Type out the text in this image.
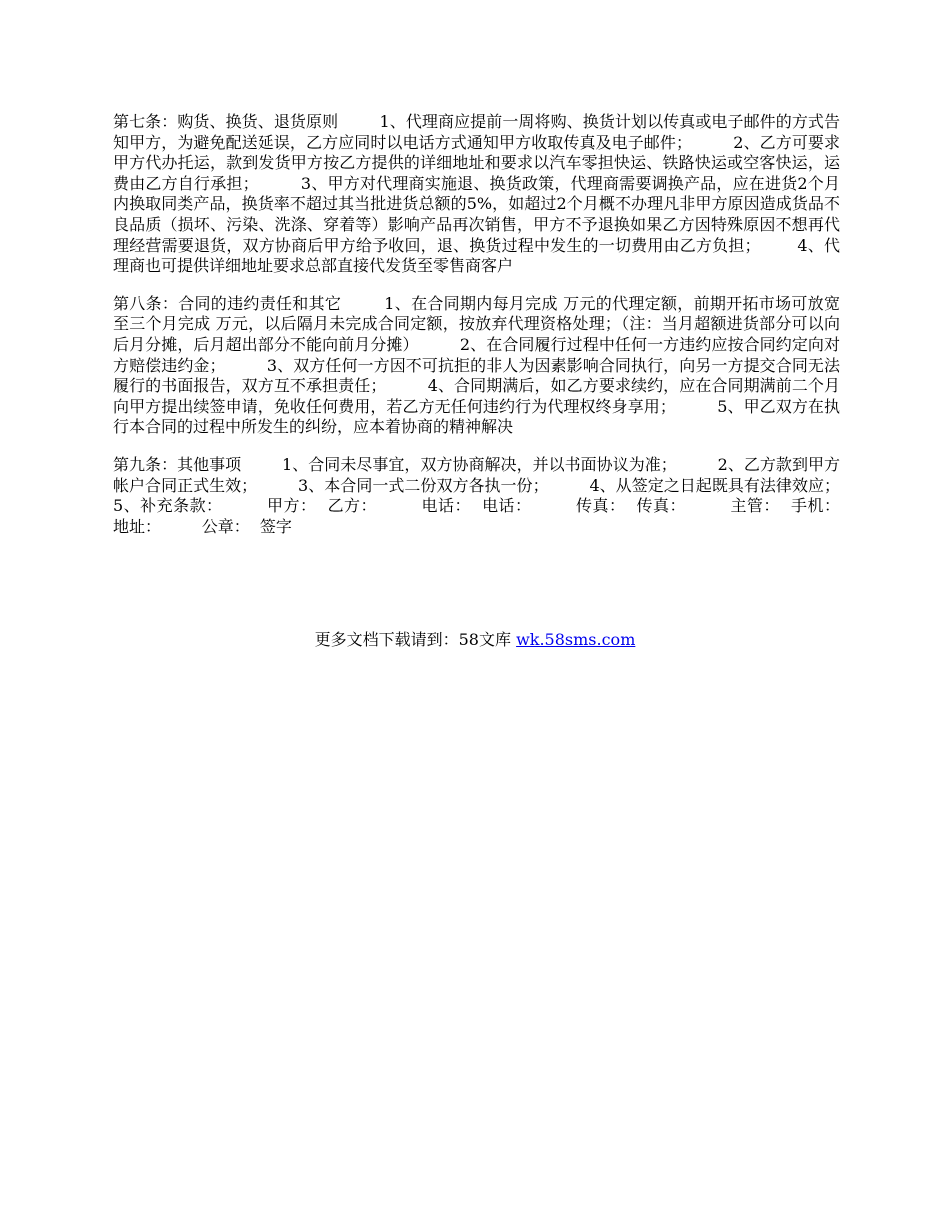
第七条：购货、换货、退货原则        1、代理商应提前一周将购、换货计划以传真或电子邮件的方式告知甲方，为避免配送延误，乙方应同时以电话方式通知甲方收取传真及电子邮件；        2、乙方可要求甲方代办托运，款到发货甲方按乙方提供的详细地址和要求以汽车零担快运、铁路快运或空客快运，运费由乙方自行承担；        3、甲方对代理商实施退、换货政策，代理商需要调换产品，应在进货2个月内换取同类产品，换货率不超过其当批进货总额的5%，如超过2个月概不办理凡非甲方原因造成货品不良品质（损坏、污染、洗涤、穿着等）影响产品再次销售，甲方不予退换如果乙方因特殊原因不想再代理经营需要退货，双方协商后甲方给予收回，退、换货过程中发生的一切费用由乙方负担；       4、代理商也可提供详细地址要求总部直接代发货至零售商客户

第八条：合同的违约责任和其它        1、在合同期内每月完成 万元的代理定额，前期开拓市场可放宽至三个月完成 万元，以后隔月未完成合同定额，按放弃代理资格处理；（注：当月超额进货部分可以向后月分摊，后月超出部分不能向前月分摊）        2、在合同履行过程中任何一方违约应按合同约定向对方赔偿违约金；        3、双方任何一方因不可抗拒的非人为因素影响合同执行，向另一方提交合同无法履行的书面报告，双方互不承担责任；        4、合同期满后，如乙方要求续约，应在合同期满前二个月向甲方提出续签申请，免收任何费用，若乙方无任何违约行为代理权终身享用；        5、甲乙双方在执行本合同的过程中所发生的纠纷，应本着协商的精神解决

第九条：其他事项        1、合同未尽事宜，双方协商解决，并以书面协议为准；        2、乙方款到甲方帐户合同正式生效；        3、本合同一式二份双方各执一份；        4、从签定之日起既具有法律效应；        5、补充条款：        甲方：  乙方：        电话：  电话：        传真：  传真：        主管：  手机：        地址：        公章：  签字

更多文档下载请到：58文库 wk.58sms.com
